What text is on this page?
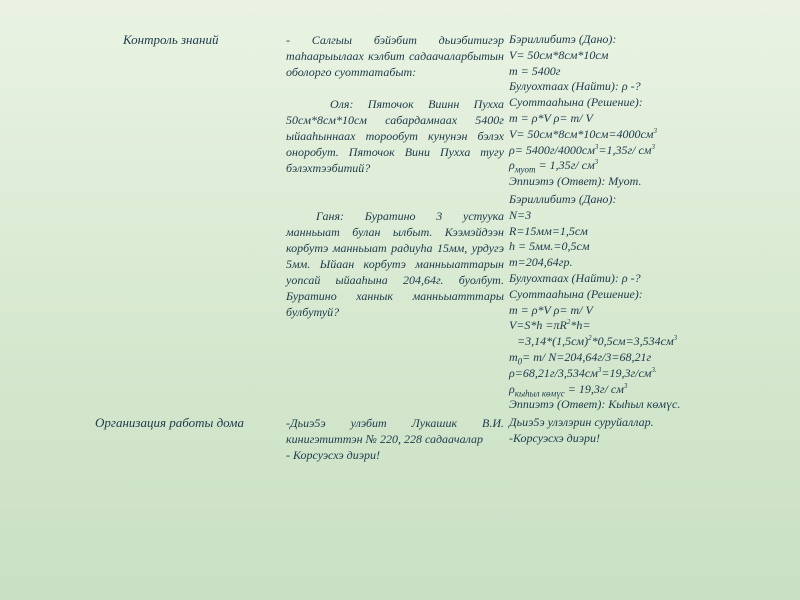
Контроль знаний	- Салгыы бэйэбит дьиэбитигэр таһаарыылаах кэлбит садаачаларбытын оболорго суоттатабыт:

Оля: Пяточок Виинн Пухха 50см*8см*10см сабардамнаах 5400г ыйааһыннаах торообут кунунэн бэлэх оноробут. Пяточок Вини Пухха тугу бэлэхтээбитий?

Ганя: Буратино 3 устуука манньыат булан ылбыт. Кээмэйдээн корбутэ манньыат радиуһа 15мм, урдугэ 5мм. Ыйаан корбутэ манньыаттарын уопсай ыйааһына 204,64г. буолбут. Буратино ханнык манньыатттары булбутуй?

Бэриллибитэ (Дано):
V= 50см*8см*10см
m = 5400г
Булуохтаах (Найти): ρ -?
Суоттааһына (Решение):
m = ρ*V ρ= m/ V
$V= 50см*8см*10см=4000см^3$
$\rho= 5400г/4000см^3=1,35г/$ $см^3$
$\rho_{муот} = 1,35г/$ $см^3$
Эппиэтэ (Ответ): Муот.
Бэриллибитэ (Дано):
N=3
R=15мм=1,5см
h = 5мм.=0,5см
m=204,64гр.
Булуохтаах (Найти): ρ -?
Суоттааһына (Решение):
m = ρ*V ρ= m/ V
$V=S*h =\pi R^2*h=$
$=3,14*(1,5см)^2*0,5см=3,534см^3$
$m_0= m/$ N=204,64г/3=68,21г
$\rho=68,21г/3,534см^3=19,3г/см^{3.}$
$\rho_{кыһыл көмүс} = 19,3г/$ $см^3$
Эппиэтэ (Ответ): Кыһыл көмүс.
Организация работы дома	-Дьиэ5э улэбит Лукашик В.И. кинигэтиттэн № 220, 228 садаачалар

- Корсуэсхэ диэри!

Дьиэ5э улэлэрин суруйаллар.
-Корсуэсхэ диэри!
